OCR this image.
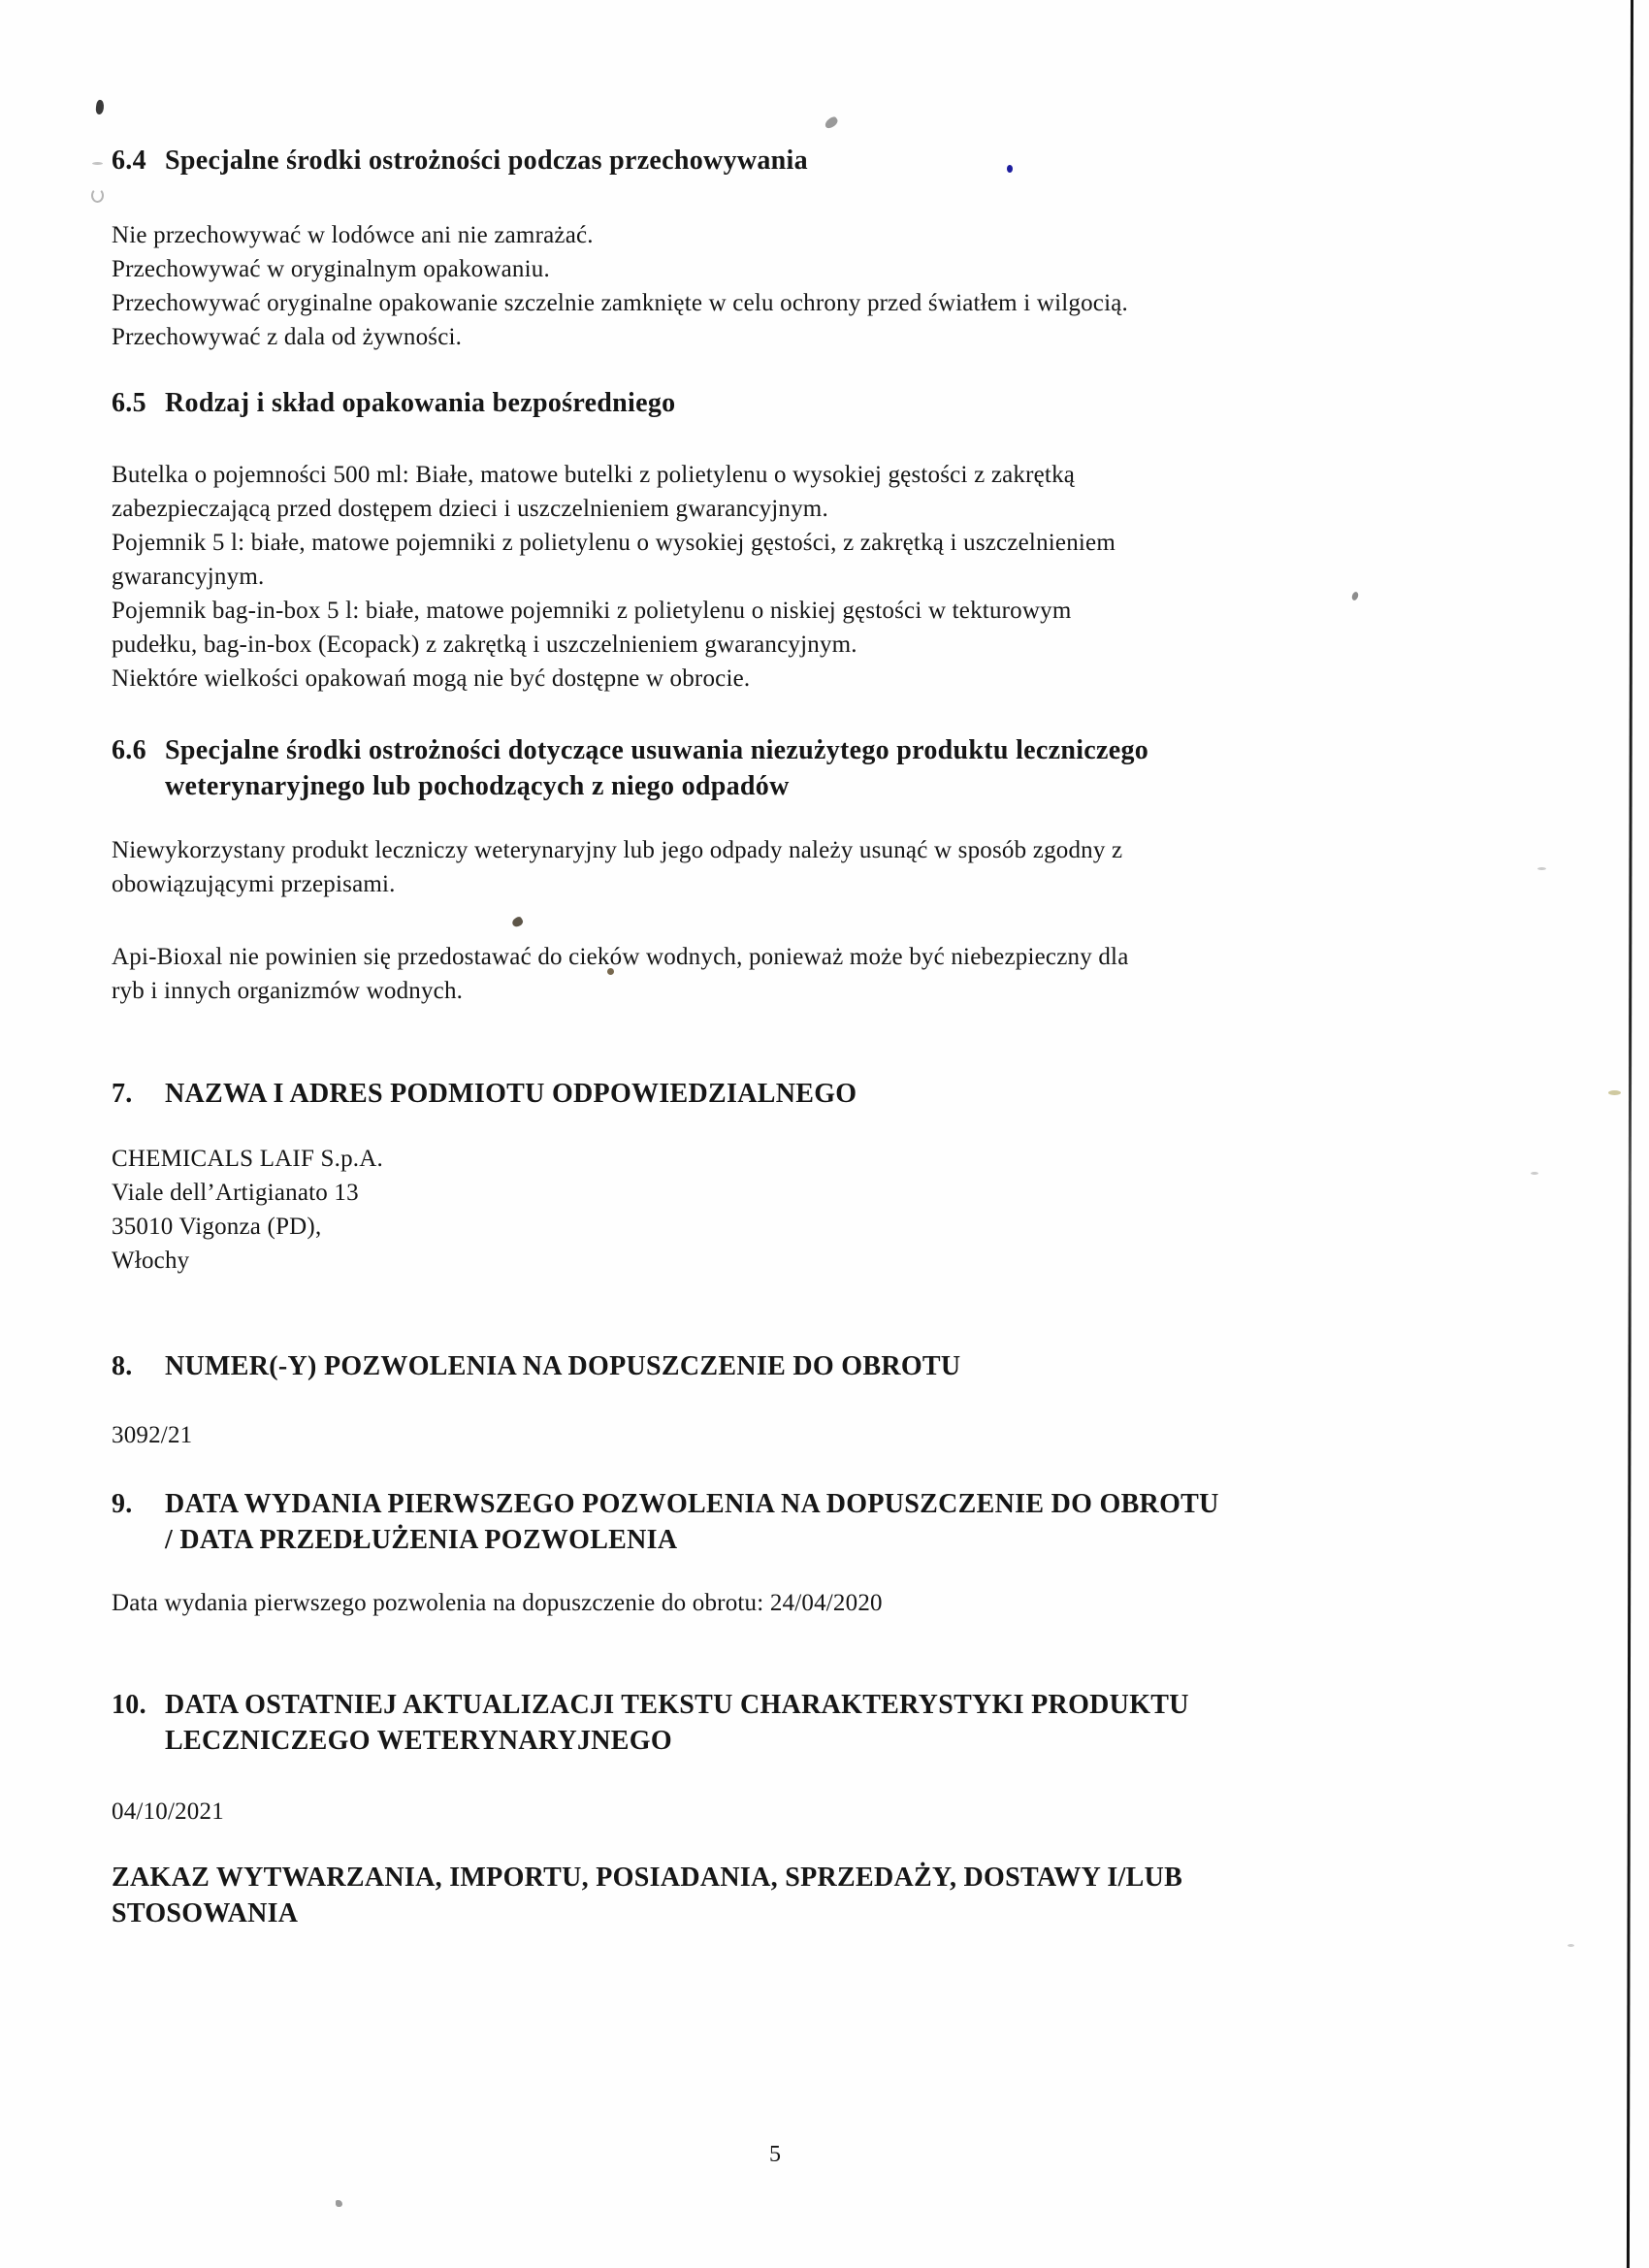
6.4 Specjalne środki ostrożności podczas przechowywania
Nie przechowywać w lodówce ani nie zamrażać.
Przechowywać w oryginalnym opakowaniu.
Przechowywać oryginalne opakowanie szczelnie zamknięte w celu ochrony przed światłem i wilgocią.
Przechowywać z dala od żywności.
6.5 Rodzaj i skład opakowania bezpośredniego
Butelka o pojemności 500 ml: Białe, matowe butelki z polietylenu o wysokiej gęstości z zakrętką
zabezpieczającą przed dostępem dzieci i uszczelnieniem gwarancyjnym.
Pojemnik 5 l: białe, matowe pojemniki z polietylenu o wysokiej gęstości, z zakrętką i uszczelnieniem
gwarancyjnym.
Pojemnik bag-in-box 5 l: białe, matowe pojemniki z polietylenu o niskiej gęstości w tekturowym
pudełku, bag-in-box (Ecopack) z zakrętką i uszczelnieniem gwarancyjnym.
Niektóre wielkości opakowań mogą nie być dostępne w obrocie.
6.6 Specjalne środki ostrożności dotyczące usuwania niezużytego produktu leczniczego
weterynaryjnego lub pochodzących z niego odpadów
Niewykorzystany produkt leczniczy weterynaryjny lub jego odpady należy usunąć w sposób zgodny z
obowiązującymi przepisami.
Api-Bioxal nie powinien się przedostawać do cieków wodnych, ponieważ może być niebezpieczny dla
ryb i innych organizmów wodnych.
7. NAZWA I ADRES PODMIOTU ODPOWIEDZIALNEGO
CHEMICALS LAIF S.p.A.
Viale dell’Artigianato 13
35010 Vigonza (PD),
Włochy
8. NUMER(-Y) POZWOLENIA NA DOPUSZCZENIE DO OBROTU
3092/21
9. DATA WYDANIA PIERWSZEGO POZWOLENIA NA DOPUSZCZENIE DO OBROTU
/ DATA PRZEDŁUŻENIA POZWOLENIA
Data wydania pierwszego pozwolenia na dopuszczenie do obrotu: 24/04/2020
10. DATA OSTATNIEJ AKTUALIZACJI TEKSTU CHARAKTERYSTYKI PRODUKTU
LECZNICZEGO WETERYNARYJNEGO
04/10/2021
ZAKAZ WYTWARZANIA, IMPORTU, POSIADANIA, SPRZEDAŻY, DOSTAWY I/LUB
STOSOWANIA
5
